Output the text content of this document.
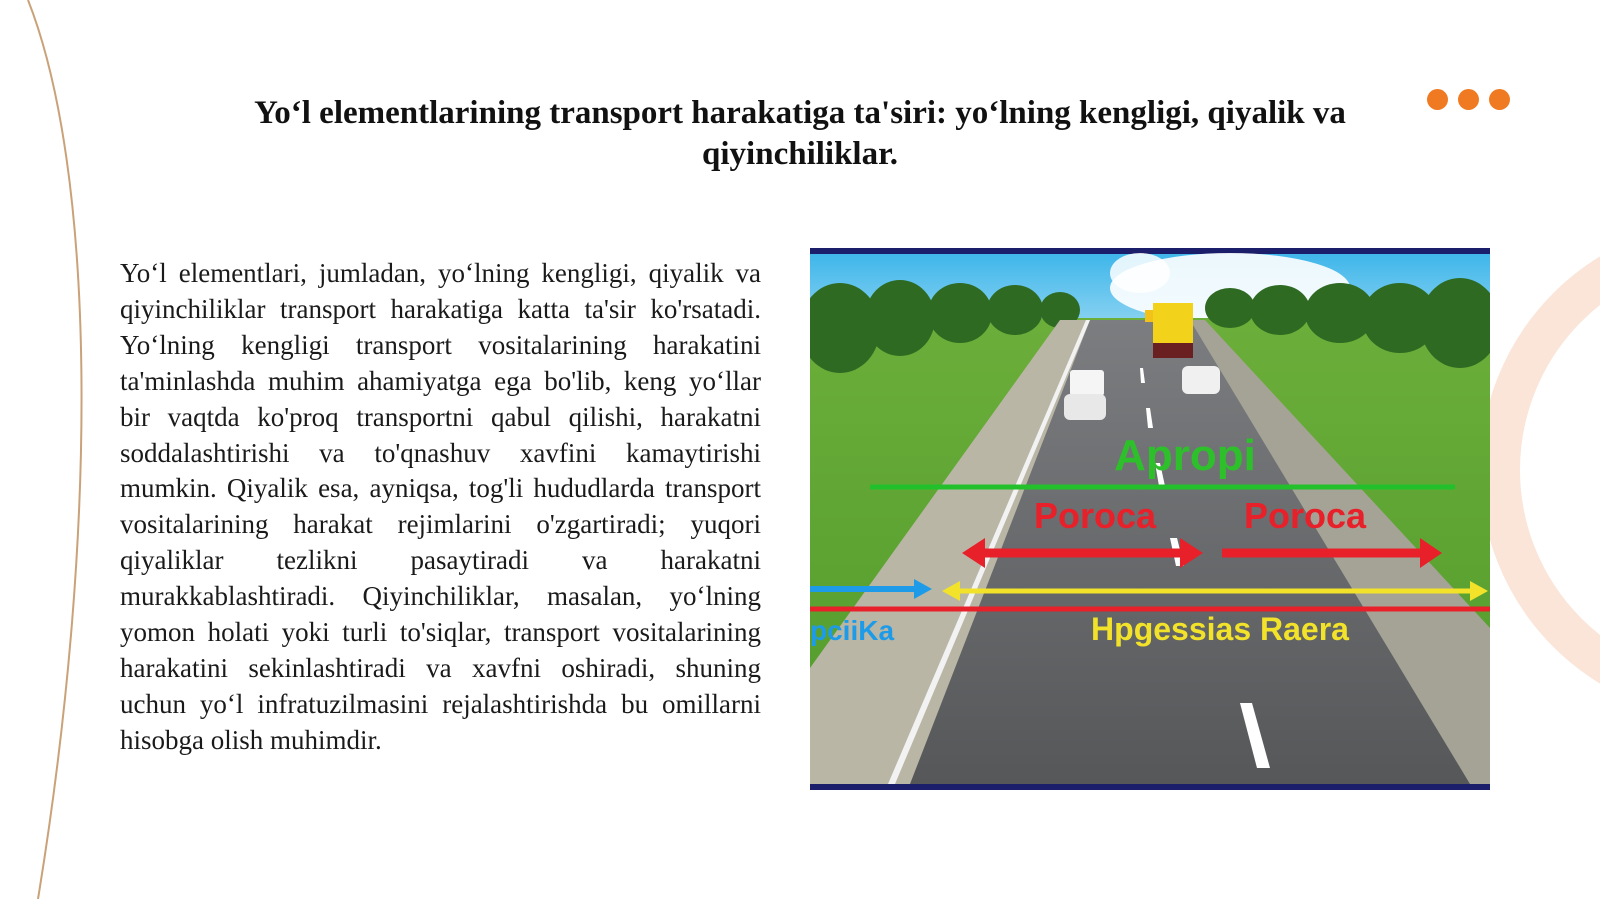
Yo‘l elementlarining transport harakatiga ta'siri: yo‘lning kengligi, qiyalik va qiyinchiliklar.
Yo‘l elementlari, jumladan, yo‘lning kengligi, qiyalik va qiyinchiliklar transport harakatiga katta ta'sir ko'rsatadi. Yo‘lning kengligi transport vositalarining harakatini ta'minlashda muhim ahamiyatga ega bo'lib, keng yo‘llar bir vaqtda ko'proq transportni qabul qilishi, harakatni soddalashtirishi va to'qnashuv xavfini kamaytirishi mumkin. Qiyalik esa, ayniqsa, tog'li hududlarda transport vositalarining harakat rejimlarini o'zgartiradi; yuqori qiyaliklar tezlikni pasaytiradi va harakatni murakkablashtiradi. Qiyinchiliklar, masalan, yo‘lning yomon holati yoki turli to'siqlar, transport vositalarining harakatini sekinlashtiradi va xavfni oshiradi, shuning uchun yo‘l infratuzilmasini rejalashtirishda bu omillarni hisobga olish muhimdir.
Apropi
Poroca Poroca
pciiKa	Hpgessias Raera
